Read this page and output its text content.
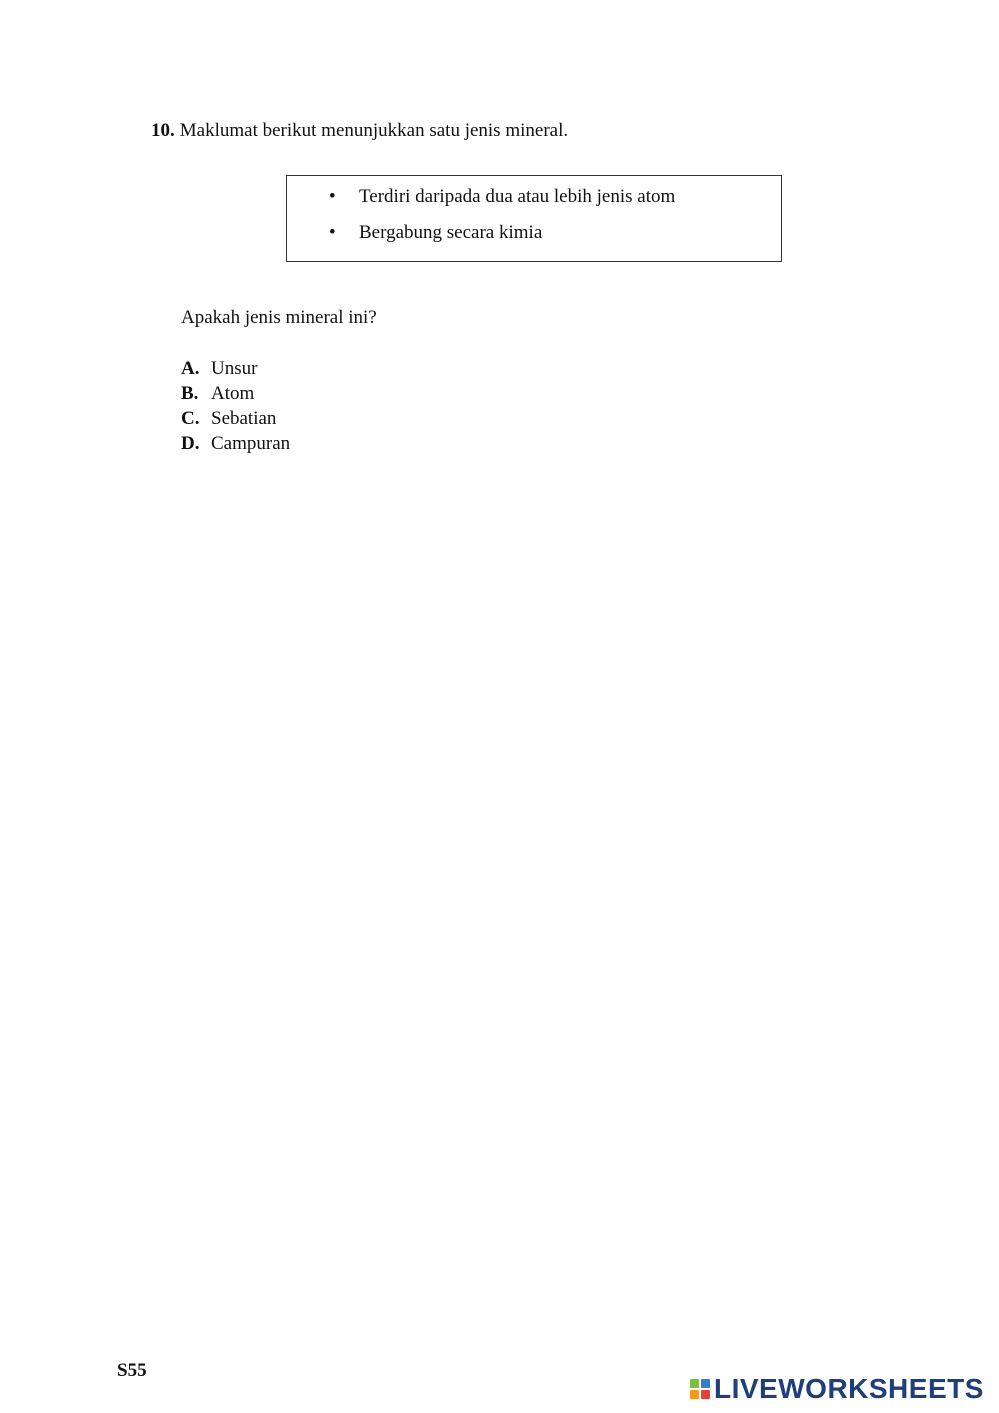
10. Maklumat berikut menunjukkan satu jenis mineral.
• Terdiri daripada dua atau lebih jenis atom
• Bergabung secara kimia
Apakah jenis mineral ini?
A. Unsur
B. Atom
C. Sebatian
D. Campuran
S55
LIVEWORKSHEETS
